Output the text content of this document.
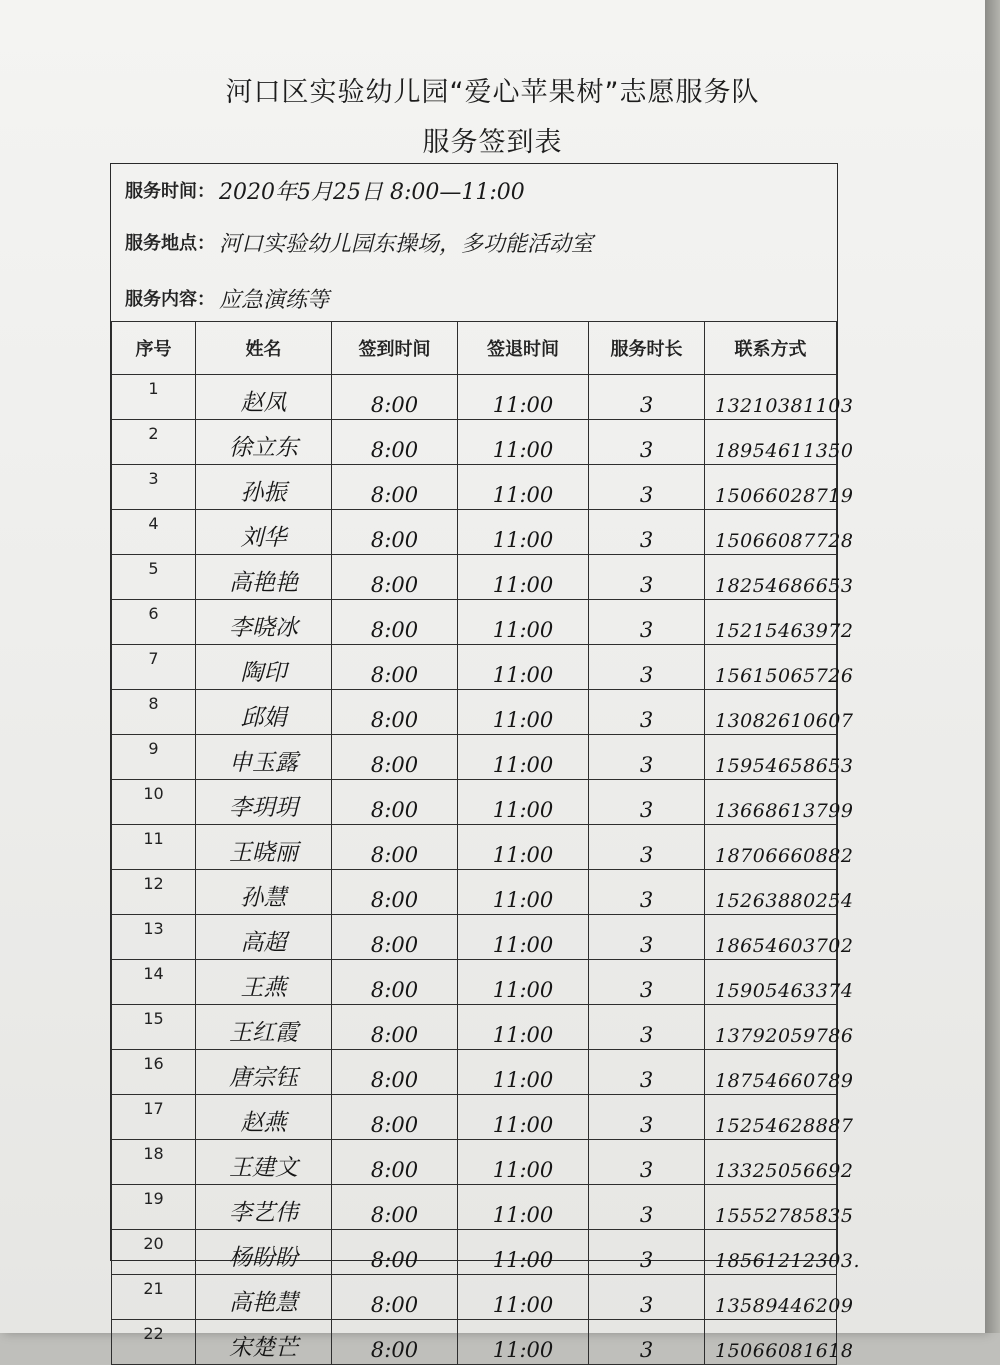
河口区实验幼儿园“爱心苹果树”志愿服务队
服务签到表
服务时间： 2020年5月25日 8:00—11:00
服务地点： 河口实验幼儿园东操场，多功能活动室
服务内容： 应急演练等
序号	姓名	签到时间	签退时间	服务时长	联系方式
1	赵凤	8:00	11:00	3	13210381103
2	徐立东	8:00	11:00	3	18954611350
3	孙振	8:00	11:00	3	15066028719
4	刘华	8:00	11:00	3	15066087728
5	高艳艳	8:00	11:00	3	18254686653
6	李晓冰	8:00	11:00	3	15215463972
7	陶印	8:00	11:00	3	15615065726
8	邱娟	8:00	11:00	3	13082610607
9	申玉露	8:00	11:00	3	15954658653
10	李玥玥	8:00	11:00	3	13668613799
11	王晓丽	8:00	11:00	3	18706660882
12	孙慧	8:00	11:00	3	15263880254
13	高超	8:00	11:00	3	18654603702
14	王燕	8:00	11:00	3	15905463374
15	王红霞	8:00	11:00	3	13792059786
16	唐宗钰	8:00	11:00	3	18754660789
17	赵燕	8:00	11:00	3	15254628887
18	王建文	8:00	11:00	3	13325056692
19	李艺伟	8:00	11:00	3	15552785835
20	杨盼盼	8:00	11:00	3	18561212303.
21	高艳慧	8:00	11:00	3	13589446209
22	宋楚芒	8:00	11:00	3	15066081618
